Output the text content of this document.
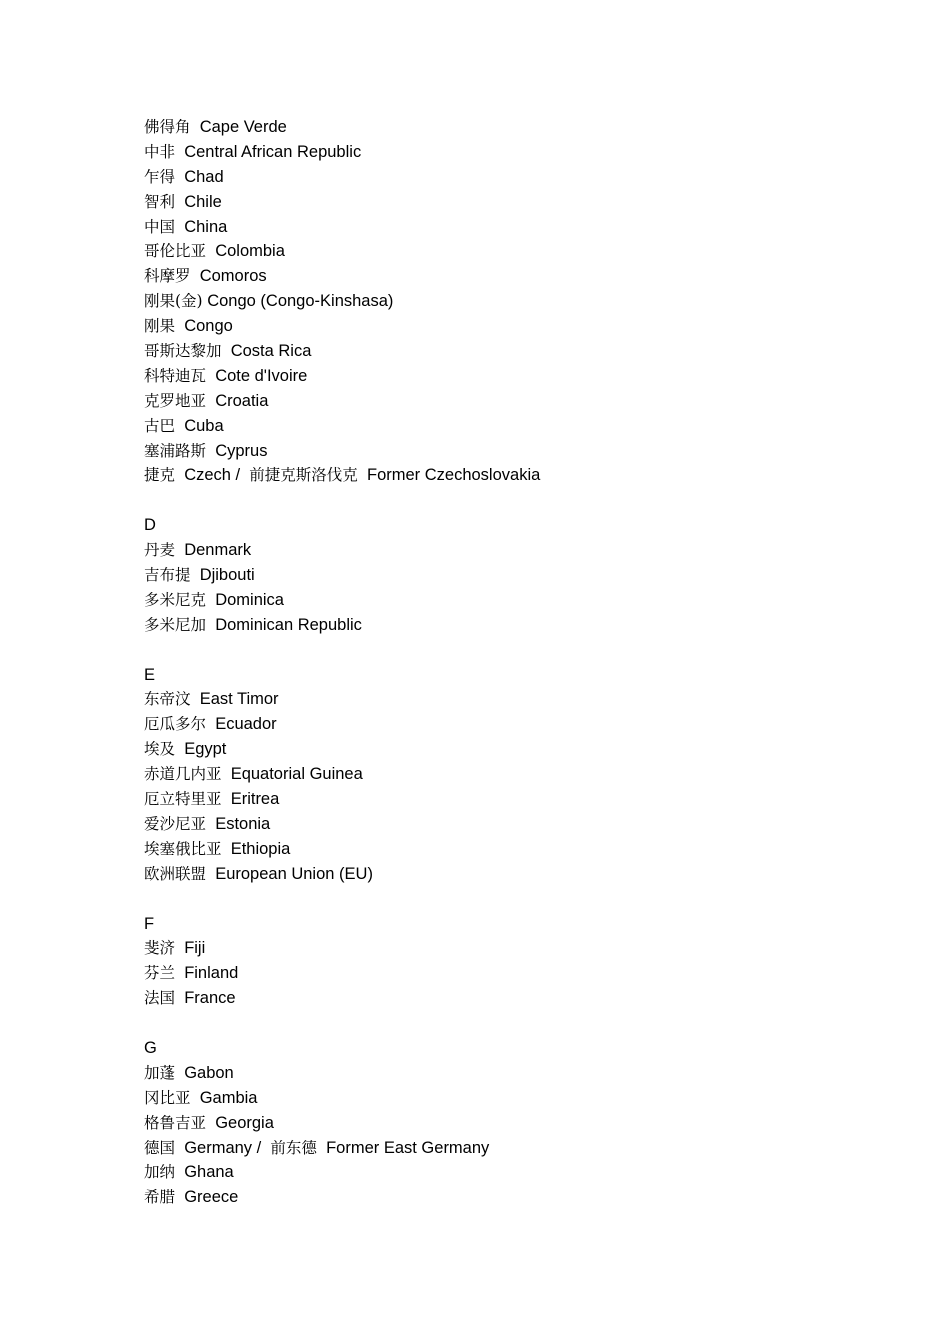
佛得角 Cape Verde
中非 Central African Republic
乍得 Chad
智利 Chile
中国 China
哥伦比亚 Colombia
科摩罗 Comoros
刚果(金) Congo (Congo-Kinshasa)
刚果 Congo
哥斯达黎加 Costa Rica
科特迪瓦 Cote d'Ivoire
克罗地亚 Croatia
古巴 Cuba
塞浦路斯 Cyprus
捷克 Czech / 前捷克斯洛伐克 Former Czechoslovakia
D
丹麦 Denmark
吉布提 Djibouti
多米尼克 Dominica
多米尼加 Dominican Republic
E
东帝汶 East Timor
厄瓜多尔 Ecuador
埃及 Egypt
赤道几内亚 Equatorial Guinea
厄立特里亚 Eritrea
爱沙尼亚 Estonia
埃塞俄比亚 Ethiopia
欧洲联盟 European Union (EU)
F
斐济 Fiji
芬兰 Finland
法国 France
G
加蓬 Gabon
冈比亚 Gambia
格鲁吉亚 Georgia
德国 Germany / 前东德 Former East Germany
加纳 Ghana
希腊 Greece
